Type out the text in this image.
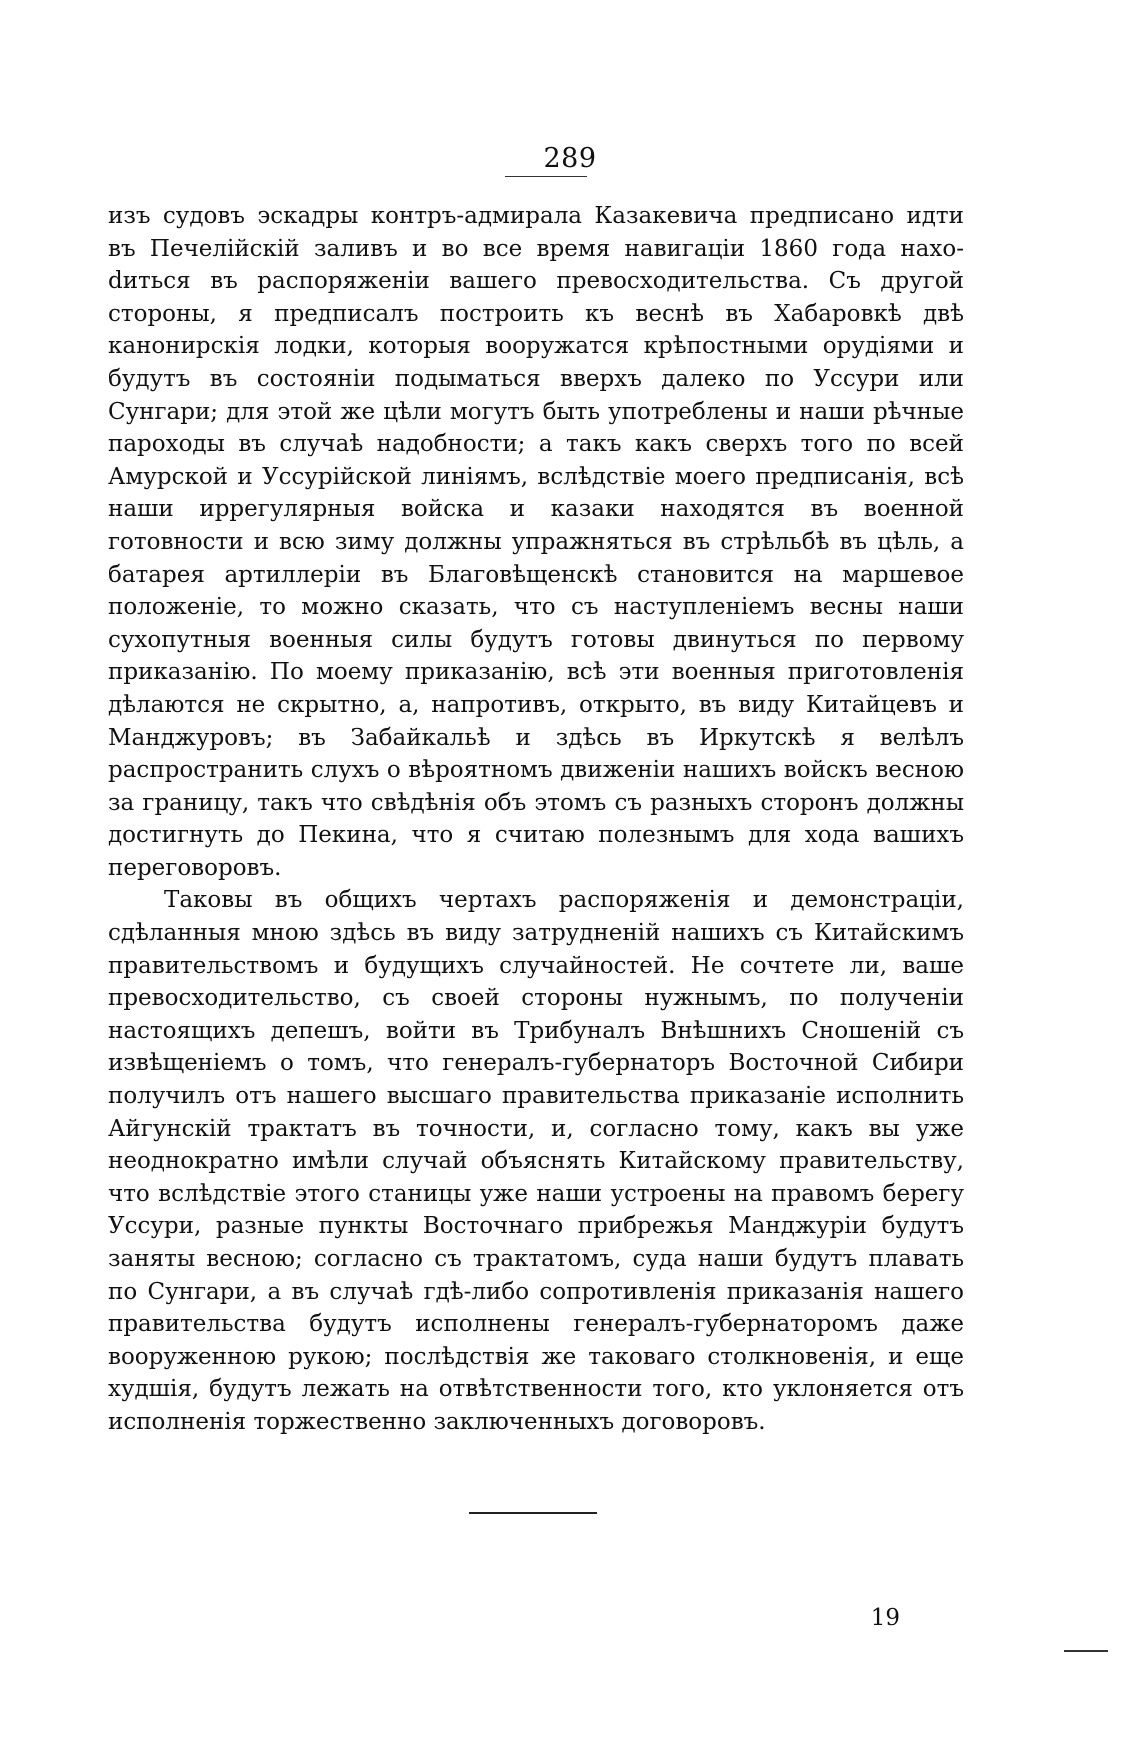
289

изъ судовъ эскадры контръ-адмирала Казакевича предписано идти въ Печелійскій заливъ и во все время навигаціи 1860 года нахоdиться въ распоряженіи вашего превосходительства. Съ другой стороны, я предписалъ построить къ веснѣ въ Хабаровкѣ двѣ канонирскія лодки, которыя вооружатся крѣпостными орудіями и будутъ въ состояніи подыматься вверхъ далеко по Уссури или Сунгари; для этой же цѣли могутъ быть употреблены и наши рѣчные пароходы въ случаѣ надобности; а такъ какъ сверхъ того по всей Амурской и Уссурійской линіямъ, вслѣдствіе моего предписанія, всѣ наши иррегулярныя войска и казаки находятся въ военной готовности и всю зиму должны упражняться въ стрѣльбѣ въ цѣль, а батарея артиллеріи въ Благовѣщенскѣ становится на маршевое положеніе, то можно сказать, что съ наступленіемъ весны наши сухопутныя военныя силы будутъ готовы двинуться по первому приказанію. По моему приказанію, всѣ эти военныя приготовленія дѣлаются не скрытно, а, напротивъ, открыто, въ виду Китайцевъ и Манджуровъ; въ Забайкальѣ и здѣсь въ Иркутскѣ я велѣлъ распространить слухъ о вѣроятномъ движеніи нашихъ войскъ весною за границу, такъ что свѣдѣнія объ этомъ съ разныхъ сторонъ должны достигнуть до Пекина, что я считаю полезнымъ для хода вашихъ переговоровъ.

Таковы въ общихъ чертахъ распоряженія и демонстраціи, сдѣланныя мною здѣсь въ виду затрудненій нашихъ съ Китайскимъ правительствомъ и будущихъ случайностей. Не сочтете ли, ваше превосходительство, съ своей стороны нужнымъ, по полученіи настоящихъ депешъ, войти въ Трибуналъ Внѣшнихъ Сношеній съ извѣщеніемъ о томъ, что генералъ-губернаторъ Восточной Сибири получилъ отъ нашего высшаго правительства приказаніе исполнить Айгунскій трактатъ въ точности, и, согласно тому, какъ вы уже неоднократно имѣли случай объяснять Китайскому правительству, что вслѣдствіе этого станицы уже наши устроены на правомъ берегу Уссури, разные пункты Восточнаго прибрежья Манджуріи будутъ заняты весною; согласно съ трактатомъ, суда наши будутъ плавать по Сунгари, а въ случаѣ гдѣ-либо сопротивленія приказанія нашего правительства будутъ исполнены генералъ-губернаторомъ даже вооруженною рукою; послѣдствія же таковаго столкновенія, и еще худшія, будутъ лежать на отвѣтственности того, кто уклоняется отъ исполненія торжественно заключенныхъ договоровъ.

19
